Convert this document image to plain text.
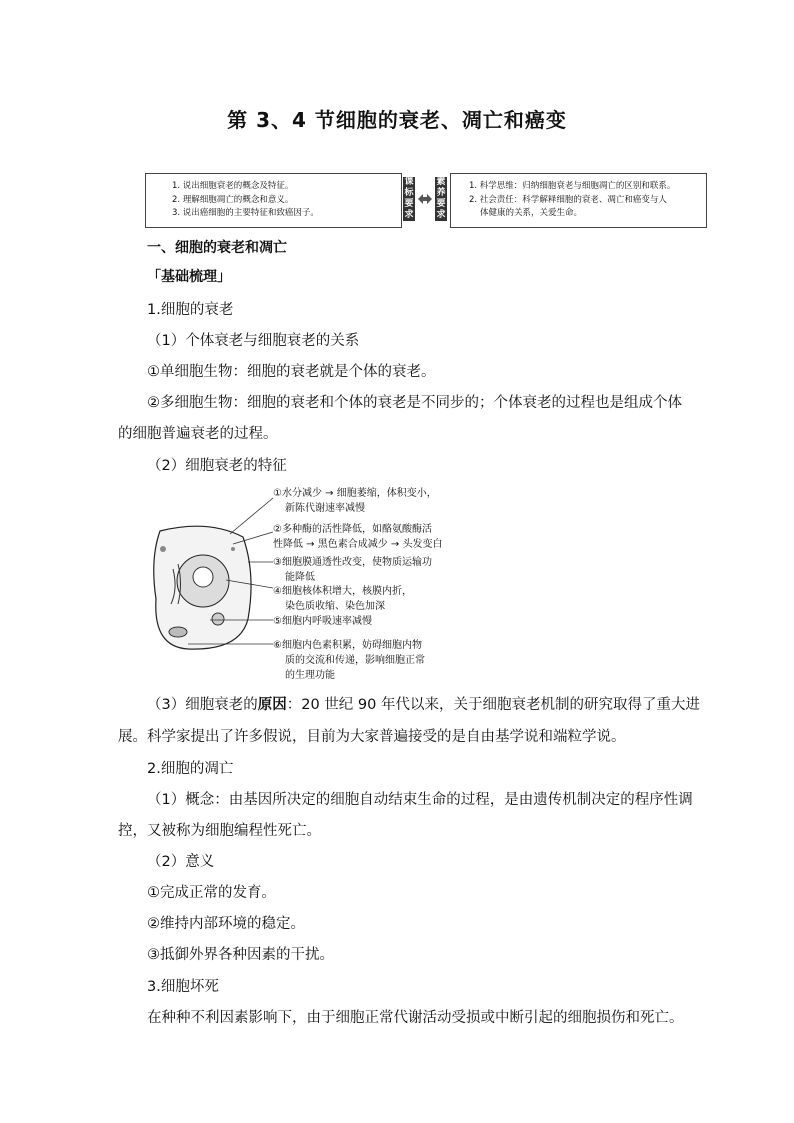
第 3、4 节细胞的衰老、凋亡和癌变
1. 说出细胞衰老的概念及特征。
2. 理解细胞凋亡的概念和意义。
3. 说出癌细胞的主要特征和致癌因子。
课标要求
素养要求
1. 科学思维：归纳细胞衰老与细胞凋亡的区别和联系。
2. 社会责任：科学解释细胞的衰老、凋亡和癌变与人
体健康的关系，关爱生命。
一、细胞的衰老和凋亡
「基础梳理」
1.细胞的衰老
（1）个体衰老与细胞衰老的关系
①单细胞生物：细胞的衰老就是个体的衰老。
②多细胞生物：细胞的衰老和个体的衰老是不同步的；个体衰老的过程也是组成个体
的细胞普遍衰老的过程。
（2）细胞衰老的特征
①水分减少 → 细胞萎缩，体积变小，
新陈代谢速率减慢
②多种酶的活性降低，如酪氨酸酶活
性降低 → 黑色素合成减少 → 头发变白
③细胞膜通透性改变，使物质运输功
能降低
④细胞核体积增大，核膜内折，
染色质收缩、染色加深
⑤细胞内呼吸速率减慢
⑥细胞内色素积累，妨碍细胞内物
质的交流和传递，影响细胞正常
的生理功能
（3）细胞衰老的原因：20 世纪 90 年代以来，关于细胞衰老机制的研究取得了重大进
展。科学家提出了许多假说，目前为大家普遍接受的是自由基学说和端粒学说。
2.细胞的凋亡
（1）概念：由基因所决定的细胞自动结束生命的过程，是由遗传机制决定的程序性调
控，又被称为细胞编程性死亡。
（2）意义
①完成正常的发育。
②维持内部环境的稳定。
③抵御外界各种因素的干扰。
3.细胞坏死
在种种不利因素影响下，由于细胞正常代谢活动受损或中断引起的细胞损伤和死亡。
